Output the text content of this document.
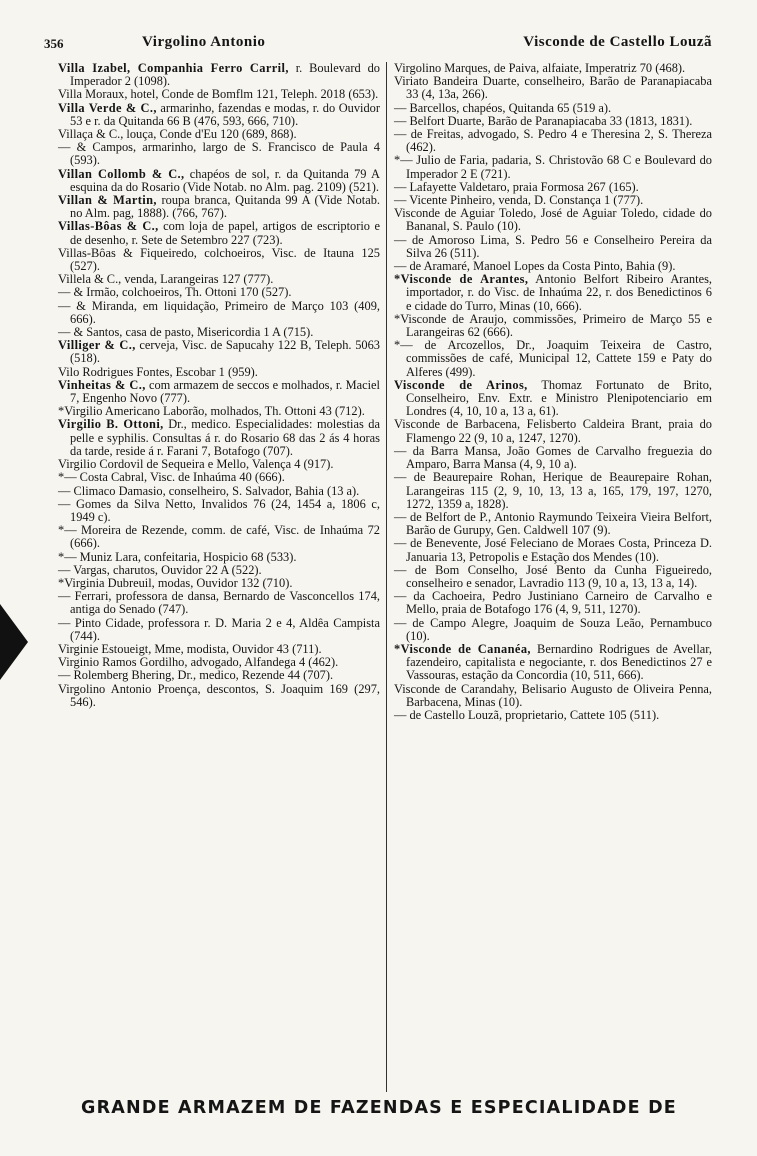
356	Virgolino Antonio	Visconde de Castello Louzã

Villa Izabel, Companhia Ferro Carril, r. Boulevard do Imperador 2 (1098).

Villa Moraux, hotel, Conde de Bomflm 121, Teleph. 2018 (653).

Villa Verde & C., armarinho, fazendas e modas, r. do Ouvidor 53 e r. da Quitanda 66 B (476, 593, 666, 710).

Villaça & C., louça, Conde d'Eu 120 (689, 868).

— & Campos, armarinho, largo de S. Francisco de Paula 4 (593).

Villan Collomb & C., chapéos de sol, r. da Quitanda 79 A esquina da do Rosario (Vide Notab. no Alm. pag. 2109) (521).

Villan & Martin, roupa branca, Quitanda 99 A (Vide Notab. no Alm. pag, 1888). (766, 767).

Villas-Bôas & C., com loja de papel, artigos de escriptorio e de desenho, r. Sete de Setembro 227 (723).

Villas-Bôas & Fiqueiredo, colchoeiros, Visc. de Itauna 125 (527).

Villela & C., venda, Larangeiras 127 (777).

— & Irmão, colchoeiros, Th. Ottoni 170 (527).

— & Miranda, em liquidação, Primeiro de Março 103 (409, 666).

— & Santos, casa de pasto, Misericordia 1 A (715).

Villiger & C., cerveja, Visc. de Sapucahy 122 B, Teleph. 5063 (518).

Vilo Rodrigues Fontes, Escobar 1 (959).

Vinheitas & C., com armazem de seccos e molhados, r. Maciel 7, Engenho Novo (777).

*Virgilio Americano Laborão, molhados, Th. Ottoni 43 (712).

Virgilio B. Ottoni, Dr., medico. Especialidades: molestias da pelle e syphilis. Consultas á r. do Rosario 68 das 2 ás 4 horas da tarde, reside á r. Farani 7, Botafogo (707).

Virgilio Cordovil de Sequeira e Mello, Valença 4 (917).

*— Costa Cabral, Visc. de Inhaúma 40 (666).

— Climaco Damasio, conselheiro, S. Salvador, Bahia (13 a).

— Gomes da Silva Netto, Invalidos 76 (24, 1454 a, 1806 c, 1949 c).

*— Moreira de Rezende, comm. de café, Visc. de Inhaúma 72 (666).

*— Muniz Lara, confeitaria, Hospicio 68 (533).

— Vargas, charutos, Ouvidor 22 A (522).

*Virginia Dubreuil, modas, Ouvidor 132 (710).

— Ferrari, professora de dansa, Bernardo de Vasconcellos 174, antiga do Senado (747).

— Pinto Cidade, professora r. D. Maria 2 e 4, Aldêa Campista (744).

Virginie Estoueigt, Mme, modista, Ouvidor 43 (711).

Virginio Ramos Gordilho, advogado, Alfandega 4 (462).

— Rolemberg Bhering, Dr., medico, Rezende 44 (707).

Virgolino Antonio Proença, descontos, S. Joaquim 169 (297, 546).

Virgolino Marques, de Paiva, alfaiate, Imperatriz 70 (468).

Viriato Bandeira Duarte, conselheiro, Barão de Paranapiacaba 33 (4, 13a, 266).

— Barcellos, chapéos, Quitanda 65 (519 a).

— Belfort Duarte, Barão de Paranapiacaba 33 (1813, 1831).

— de Freitas, advogado, S. Pedro 4 e Theresina 2, S. Thereza (462).

*— Julio de Faria, padaria, S. Christovão 68 C e Boulevard do Imperador 2 E (721).

— Lafayette Valdetaro, praia Formosa 267 (165).

— Vicente Pinheiro, venda, D. Constança 1 (777).

Visconde de Aguiar Toledo, José de Aguiar Toledo, cidade do Bananal, S. Paulo (10).

— de Amoroso Lima, S. Pedro 56 e Conselheiro Pereira da Silva 26 (511).

— de Aramaré, Manoel Lopes da Costa Pinto, Bahia (9).

*Visconde de Arantes, Antonio Belfort Ribeiro Arantes, importador, r. do Visc. de Inhaúma 22, r. dos Benedictinos 6 e cidade do Turro, Minas (10, 666).

*Visconde de Araujo, commissões, Primeiro de Março 55 e Larangeiras 62 (666).

*— de Arcozellos, Dr., Joaquim Teixeira de Castro, commissões de café, Municipal 12, Cattete 159 e Paty do Alferes (499).

Visconde de Arinos, Thomaz Fortunato de Brito, Conselheiro, Env. Extr. e Ministro Plenipotenciario em Londres (4, 10, 10 a, 13 a, 61).

Visconde de Barbacena, Felisberto Caldeira Brant, praia do Flamengo 22 (9, 10 a, 1247, 1270).

— da Barra Mansa, João Gomes de Carvalho freguezia do Amparo, Barra Mansa (4, 9, 10 a).

— de Beaurepaire Rohan, Herique de Beaurepaire Rohan, Larangeiras 115 (2, 9, 10, 13, 13 a, 165, 179, 197, 1270, 1272, 1359 a, 1828).

— de Belfort de P., Antonio Raymundo Teixeira Vieira Belfort, Barão de Gurupy, Gen. Caldwell 107 (9).

— de Benevente, José Feleciano de Moraes Costa, Princeza D. Januaria 13, Petropolis e Estação dos Mendes (10).

— de Bom Conselho, José Bento da Cunha Figueiredo, conselheiro e senador, Lavradio 113 (9, 10 a, 13, 13 a, 14).

— da Cachoeira, Pedro Justiniano Carneiro de Carvalho e Mello, praia de Botafogo 176 (4, 9, 511, 1270).

— de Campo Alegre, Joaquim de Souza Leão, Pernambuco (10).

*Visconde de Cananéa, Bernardino Rodrigues de Avellar, fazendeiro, capitalista e negociante, r. dos Benedictinos 27 e Vassouras, estação da Concordia (10, 511, 666).

Visconde de Carandahy, Belisario Augusto de Oliveira Penna, Barbacena, Minas (10).

— de Castello Louzã, proprietario, Cattete 105 (511).

GRANDE ARMAZEM DE FAZENDAS E ESPECIALIDADE DE
